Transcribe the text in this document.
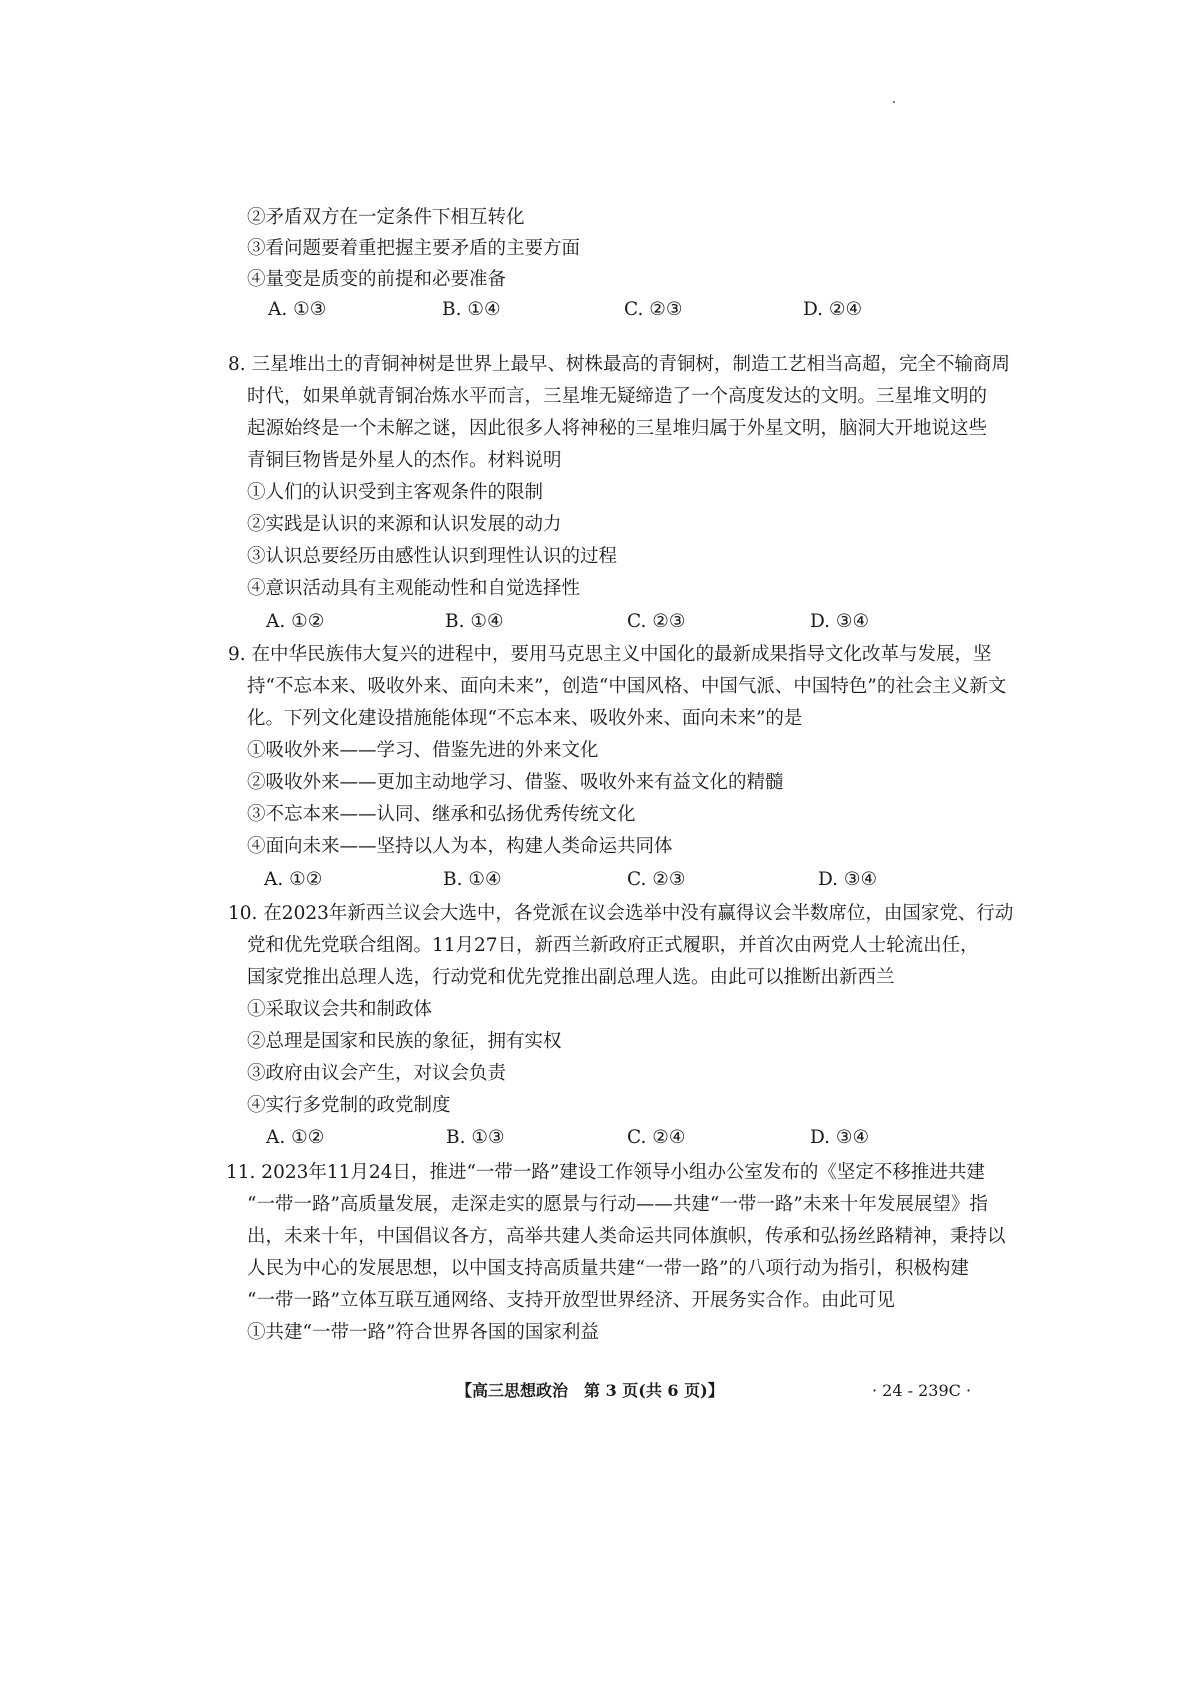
②矛盾双方在一定条件下相互转化
③看问题要着重把握主要矛盾的主要方面
④量变是质变的前提和必要准备
A. ①③	B. ①④	C. ②③	D. ②④
8. 三星堆出土的青铜神树是世界上最早、树株最高的青铜树，制造工艺相当高超，完全不输商周
时代，如果单就青铜冶炼水平而言，三星堆无疑缔造了一个高度发达的文明。三星堆文明的
起源始终是一个未解之谜，因此很多人将神秘的三星堆归属于外星文明，脑洞大开地说这些
青铜巨物皆是外星人的杰作。材料说明
①人们的认识受到主客观条件的限制
②实践是认识的来源和认识发展的动力
③认识总要经历由感性认识到理性认识的过程
④意识活动具有主观能动性和自觉选择性
A. ①②	B. ①④	C. ②③	D. ③④
9. 在中华民族伟大复兴的进程中，要用马克思主义中国化的最新成果指导文化改革与发展，坚
持“不忘本来、吸收外来、面向未来”，创造“中国风格、中国气派、中国特色”的社会主义新文
化。下列文化建设措施能体现“不忘本来、吸收外来、面向未来”的是
①吸收外来——学习、借鉴先进的外来文化
②吸收外来——更加主动地学习、借鉴、吸收外来有益文化的精髓
③不忘本来——认同、继承和弘扬优秀传统文化
④面向未来——坚持以人为本，构建人类命运共同体
A. ①②	B. ①④	C. ②③	D. ③④
10. 在2023年新西兰议会大选中，各党派在议会选举中没有赢得议会半数席位，由国家党、行动
党和优先党联合组阁。11月27日，新西兰新政府正式履职，并首次由两党人士轮流出任，
国家党推出总理人选，行动党和优先党推出副总理人选。由此可以推断出新西兰
①采取议会共和制政体
②总理是国家和民族的象征，拥有实权
③政府由议会产生，对议会负责
④实行多党制的政党制度
A. ①②	B. ①③	C. ②④	D. ③④
11. 2023年11月24日，推进“一带一路”建设工作领导小组办公室发布的《坚定不移推进共建
“一带一路”高质量发展，走深走实的愿景与行动——共建“一带一路”未来十年发展展望》指
出，未来十年，中国倡议各方，高举共建人类命运共同体旗帜，传承和弘扬丝路精神，秉持以
人民为中心的发展思想，以中国支持高质量共建“一带一路”的八项行动为指引，积极构建
“一带一路”立体互联互通网络、支持开放型世界经济、开展务实合作。由此可见
①共建“一带一路”符合世界各国的国家利益
【高三思想政治　第 3 页(共 6 页)】	· 24 - 239C ·
